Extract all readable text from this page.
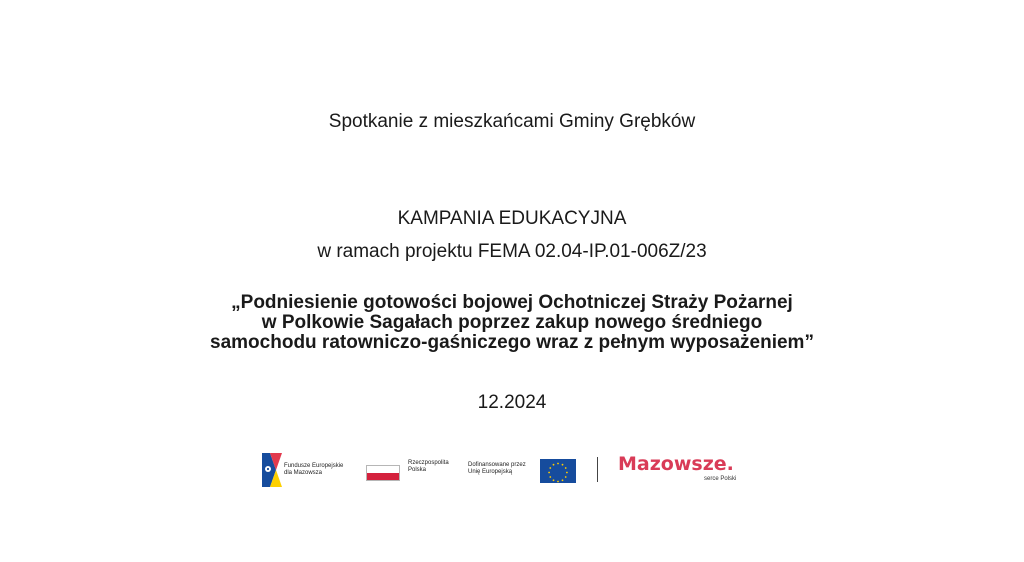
Spotkanie z mieszkańcami Gminy Grębków
KAMPANIA EDUKACYJNA
w ramach projektu FEMA 02.04-IP.01-006Z/23
„Podniesienie gotowości bojowej Ochotniczej Straży Pożarnej
w Polkowie Sagałach poprzez zakup nowego średniego
samochodu ratowniczo-gaśniczego wraz z pełnym wyposażeniem”
12.2024
Fundusze Europejskie
dla Mazowsza
Rzeczpospolita
Polska
Dofinansowane przez
Unię Europejską	Mazowsze.
serce Polski
